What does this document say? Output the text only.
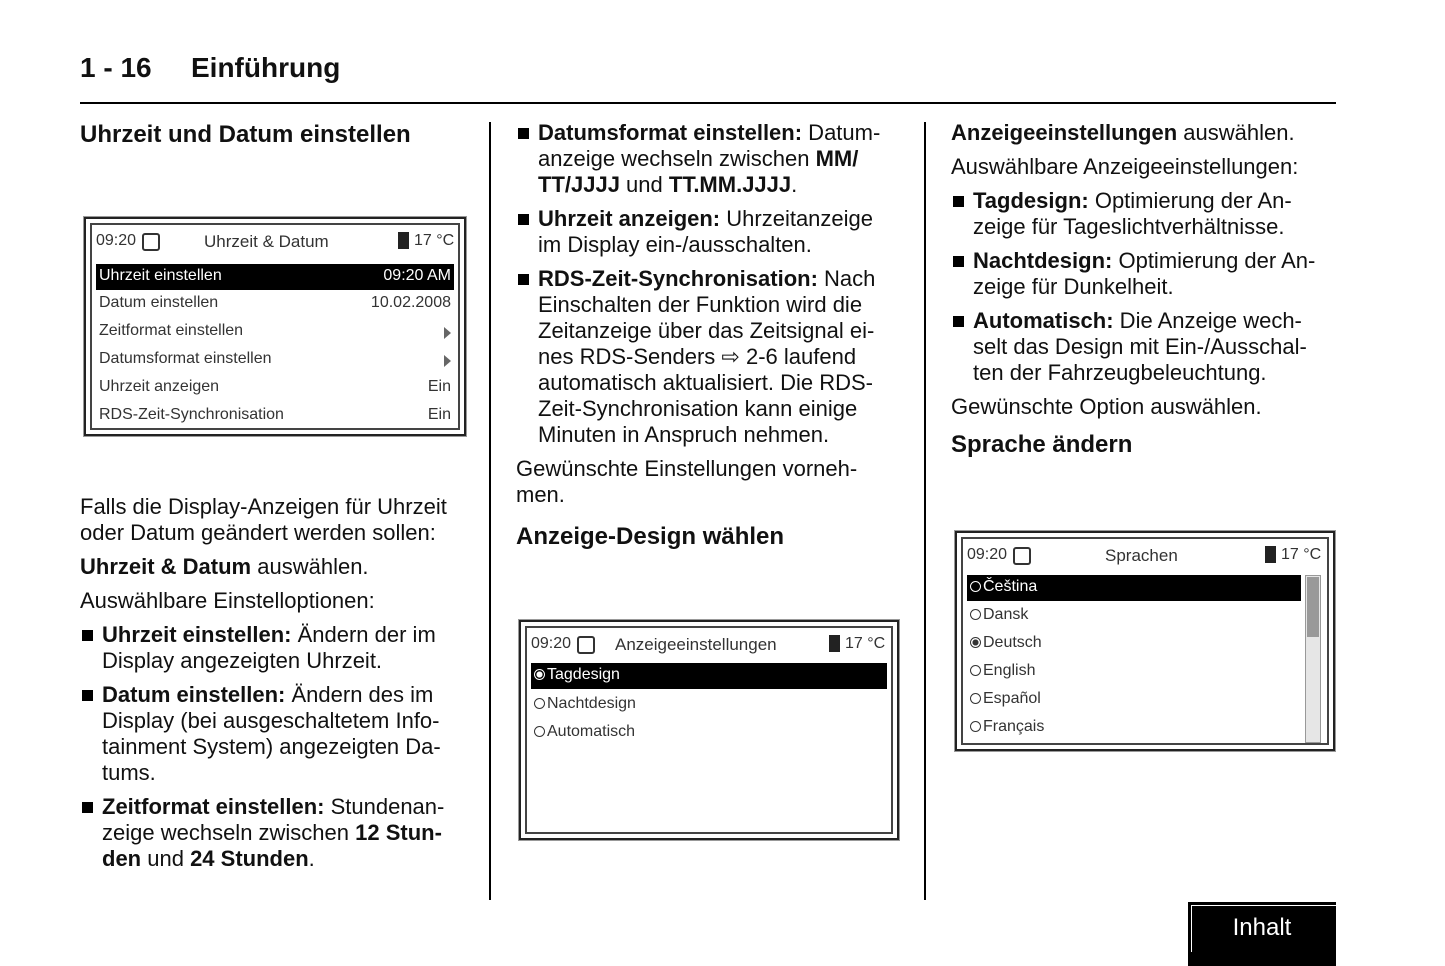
1 - 16 Einführung
Uhrzeit und Datum einstellen
09:20	Uhrzeit & Datum	17 °C
Uhrzeit einstellen	09:20 AM
Datum einstellen	10.02.2008
Zeitformat einstellen
Datumsformat einstellen
Uhrzeit anzeigen	Ein
RDS-Zeit-Synchronisation	Ein

Falls die Display-Anzeigen für Uhrzeit
oder Datum geändert werden sollen:

Uhrzeit & Datum auswählen.

Auswählbare Einstelloptionen:

Uhrzeit einstellen: Ändern der im
Display angezeigten Uhrzeit.
Datum einstellen: Ändern des im
Display (bei ausgeschaltetem Info-
tainment System) angezeigten Da-
tums.
Zeitformat einstellen: Stundenan-
zeige wechseln zwischen 12 Stun-
den und 24 Stunden.
Datumsformat einstellen: Datum-
anzeige wechseln zwischen MM/
TT/JJJJ und TT.MM.JJJJ.
Uhrzeit anzeigen: Uhrzeitanzeige
im Display ein-/ausschalten.
RDS-Zeit-Synchronisation: Nach
Einschalten der Funktion wird die
Zeitanzeige über das Zeitsignal ei-
nes RDS-Senders ⇨ 2-6 laufend
automatisch aktualisiert. Die RDS-
Zeit-Synchronisation kann einige
Minuten in Anspruch nehmen.

Gewünschte Einstellungen vorneh-
men.

Anzeige-Design wählen
09:20	Anzeigeeinstellungen	17 °C
Tagdesign
Nachtdesign
Automatisch

Anzeigeeinstellungen auswählen.

Auswählbare Anzeigeeinstellungen:

Tagdesign: Optimierung der An-
zeige für Tageslichtverhältnisse.
Nachtdesign: Optimierung der An-
zeige für Dunkelheit.
Automatisch: Die Anzeige wech-
selt das Design mit Ein-/Ausschal-
ten der Fahrzeugbeleuchtung.

Gewünschte Option auswählen.

Sprache ändern
09:20	Sprachen	17 °C
Čeština
Dansk
Deutsch
English
Español
Français
Inhalt
